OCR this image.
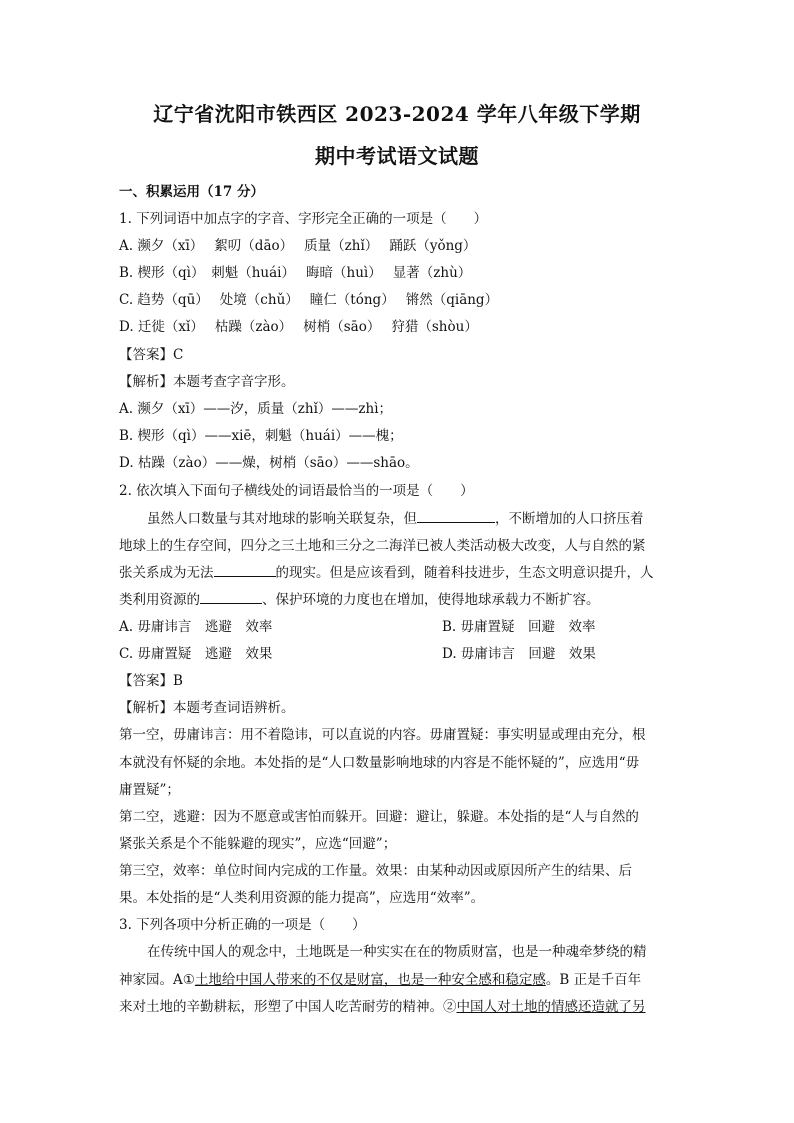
辽宁省沈阳市铁西区 2023-2024 学年八年级下学期
期中考试语文试题
一、积累运用（17 分）
1. 下列词语中加点字的字音、字形完全正确的一项是（　　）
A. 濒夕（xī）　 絮叨（dāo）　 质量（zhǐ）　 踊跃（yǒng）
B. 楔形（qì）　刺魁（huái）　 晦暗（huì）　 显著（zhù）
C. 趋势（qū）　 处境（chǔ）　 瞳仁（tóng）　 锵然（qiāng）
D. 迁徙（xǐ）　 枯躁（zào）　 树梢（sāo）　 狩猎（shòu）
【答案】C
【解析】本题考查字音字形。
A. 濒夕（xī）——汐，质量（zhǐ）——zhì；
B. 楔形（qì）——xiē，刺魁（huái）——槐；
D. 枯躁（zào）——燥，树梢（sāo）——shāo。
2. 依次填入下面句子横线处的词语最恰当的一项是（　　）
虽然人口数量与其对地球的影响关联复杂，但	，不断增加的人口挤压着
地球上的生存空间，四分之三土地和三分之二海洋已被人类活动极大改变，人与自然的紧
张关系成为无法	的现实。但是应该看到，随着科技进步，生态文明意识提升，人
类利用资源的	、保护环境的力度也在增加，使得地球承载力不断扩容。
A. 毋庸讳言　逃避　效率	B. 毋庸置疑　回避　效率
C. 毋庸置疑　逃避　效果	D. 毋庸讳言　回避　效果
【答案】B
【解析】本题考查词语辨析。
第一空，毋庸讳言：用不着隐讳，可以直说的内容。毋庸置疑：事实明显或理由充分，根
本就没有怀疑的余地。本处指的是“人口数量影响地球的内容是不能怀疑的”，应选用“毋
庸置疑”；
第二空，逃避：因为不愿意或害怕而躲开。回避：避让，躲避。本处指的是“人与自然的
紧张关系是个不能躲避的现实”，应选“回避”；
第三空，效率：单位时间内完成的工作量。效果：由某种动因或原因所产生的结果、后
果。本处指的是“人类利用资源的能力提高”，应选用“效率”。
3. 下列各项中分析正确的一项是（　　）
在传统中国人的观念中，土地既是一种实实在在的物质财富，也是一种魂牵梦绕的精
神家园。A①土地给中国人带来的不仅是财富，也是一种安全感和稳定感。B 正是千百年
来对土地的辛勤耕耘，形塑了中国人吃苦耐劳的精神。②中国人对土地的情感还造就了另
